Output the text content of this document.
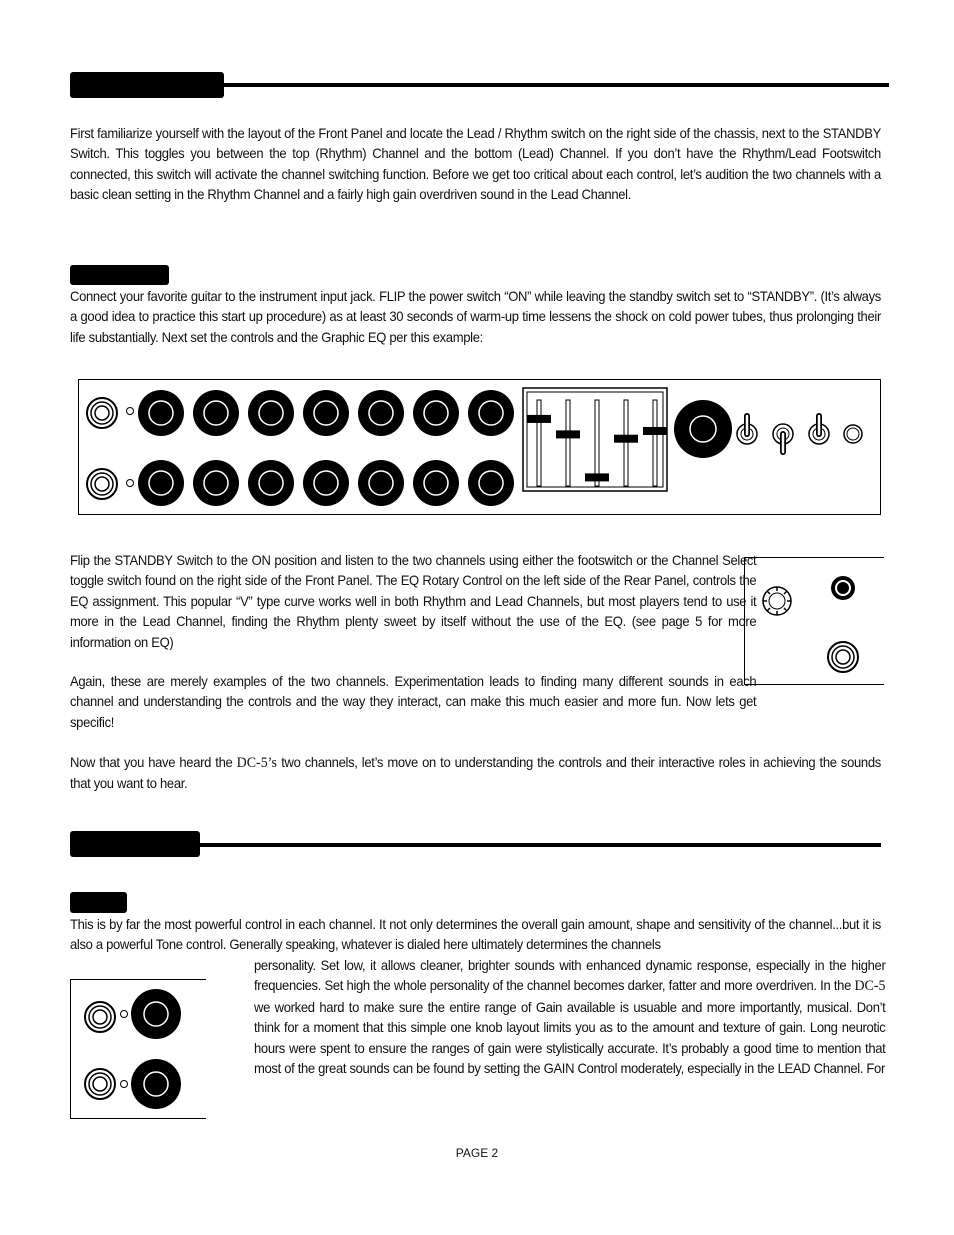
First familiarize yourself with the layout of the Front Panel and locate the Lead / Rhythm switch on the right side of the chassis, next to the STANDBY Switch. This toggles you between the top (Rhythm) Channel and the bottom (Lead) Channel. If you don’t have the Rhythm/Lead Footswitch connected, this switch will activate the channel switching function. Before we get too critical about each control, let’s audition the two channels with a basic clean setting in the Rhythm Channel and a fairly high gain overdriven sound in the Lead Channel.
Connect your favorite guitar to the instrument input jack. FLIP the power switch “ON” while leaving the standby switch set to “STANDBY”. (It’s always a good idea to practice this start up procedure) as at least 30 seconds of warm-up time lessens the shock on cold power tubes, thus prolonging their life substantially. Next set the controls and the Graphic EQ per this example:
Flip the STANDBY Switch to the ON position and listen to the two channels using either the footswitch or the Channel Select toggle switch found on the right side of the Front Panel. The EQ Rotary Control on the left side of the Rear Panel, controls the EQ assignment. This popular “V” type curve works well in both Rhythm and Lead Channels, but most players tend to use it more in the Lead Channel, finding the Rhythm plenty sweet by itself without the use of the EQ. (see page 5 for more information on EQ)
Again, these are merely examples of the two channels. Experimentation leads to finding many different sounds in each channel and understanding the controls and the way they interact, can make this much easier and more fun. Now lets get specific!
Now that you have heard the DC-5’s two channels, let’s move on to understanding the controls and their interactive roles in achieving the sounds that you want to hear.
This is by far the most powerful control in each channel. It not only determines the overall gain amount, shape and sensitivity of the channel...but it is also a powerful Tone control. Generally speaking, whatever is dialed here ultimately determines the channels
personality. Set low, it allows cleaner, brighter sounds with enhanced dynamic response, especially in the higher frequencies. Set high the whole personality of the channel becomes darker, fatter and more overdriven. In the DC-5 we worked hard to make sure the entire range of Gain available is usuable and more importantly, musical. Don’t think for a moment that this simple one knob layout limits you as to the amount and texture of gain. Long neurotic hours were spent to ensure the ranges of gain were stylistically accurate. It’s probably a good time to mention that most of the great sounds can be found by setting the GAIN Control moderately, especially in the LEAD Channel. For
PAGE 2
